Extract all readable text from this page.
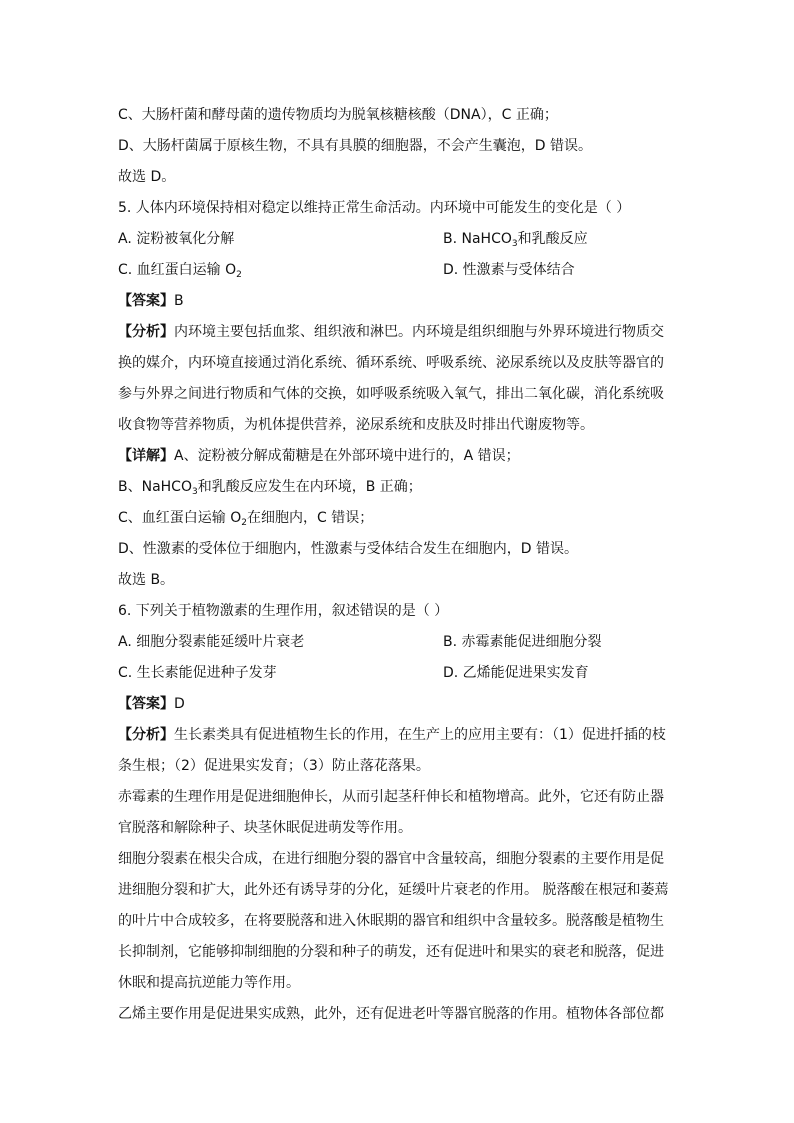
C、大肠杆菌和酵母菌的遗传物质均为脱氧核糖核酸（DNA），C 正确；
D、大肠杆菌属于原核生物，不具有具膜的细胞器，不会产生囊泡，D 错误。
故选 D。
5. 人体内环境保持相对稳定以维持正常生命活动。内环境中可能发生的变化是（ ）
A. 淀粉被氧化分解	B. NaHCO$_3$和乳酸反应
C. 血红蛋白运输 $O_2$	D. 性激素与受体结合
【答案】B
【分析】内环境主要包括血浆、组织液和淋巴。内环境是组织细胞与外界环境进行物质交
换的媒介，内环境直接通过消化系统、循环系统、呼吸系统、泌尿系统以及皮肤等器官的
参与外界之间进行物质和气体的交换，如呼吸系统吸入氧气，排出二氧化碳，消化系统吸
收食物等营养物质，为机体提供营养，泌尿系统和皮肤及时排出代谢废物等。
【详解】A、淀粉被分解成葡糖是在外部环境中进行的，A 错误；
B、NaHCO$_3$和乳酸反应发生在内环境，B 正确；
C、血红蛋白运输 $O_2$在细胞内，C 错误；
D、性激素的受体位于细胞内，性激素与受体结合发生在细胞内，D 错误。
故选 B。
6. 下列关于植物激素的生理作用，叙述错误的是（ ）
A. 细胞分裂素能延缓叶片衰老	B. 赤霉素能促进细胞分裂
C. 生长素能促进种子发芽	D. 乙烯能促进果实发育
【答案】D
【分析】生长素类具有促进植物生长的作用，在生产上的应用主要有：（1）促进扦插的枝
条生根；（2）促进果实发育；（3）防止落花落果。
赤霉素的生理作用是促进细胞伸长，从而引起茎秆伸长和植物增高。此外，它还有防止器
官脱落和解除种子、块茎休眠促进萌发等作用。
细胞分裂素在根尖合成，在进行细胞分裂的器官中含量较高，细胞分裂素的主要作用是促
进细胞分裂和扩大，此外还有诱导芽的分化，延缓叶片衰老的作用。 脱落酸在根冠和萎蔫
的叶片中合成较多，在将要脱落和进入休眠期的器官和组织中含量较多。脱落酸是植物生
长抑制剂，它能够抑制细胞的分裂和种子的萌发，还有促进叶和果实的衰老和脱落，促进
休眠和提高抗逆能力等作用。
乙烯主要作用是促进果实成熟，此外，还有促进老叶等器官脱落的作用。植物体各部位都
